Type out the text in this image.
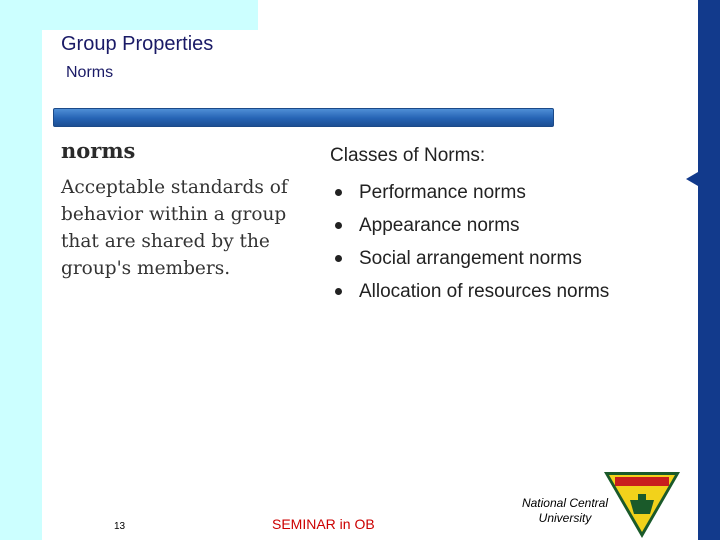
Group Properties
Norms
norms
Acceptable standards of behavior within a group that are shared by the group's members.
Classes of Norms:
Performance norms
Appearance norms
Social arrangement norms
Allocation of resources norms
13	SEMINAR in OB
National Central
University
